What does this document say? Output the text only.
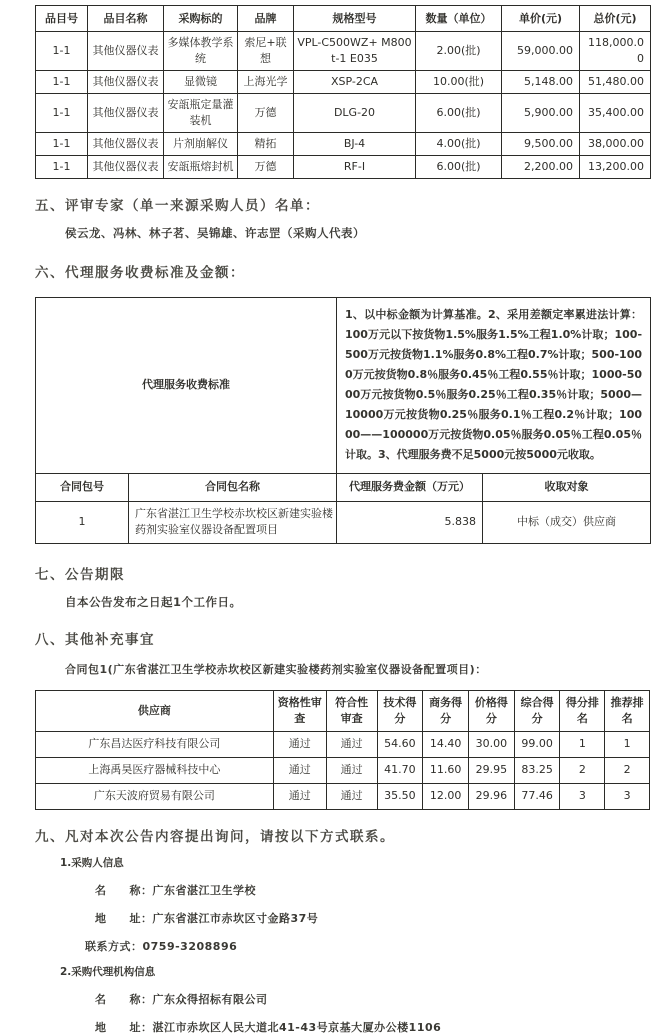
品目号	品目名称	采购标的	品牌	规格型号	数量（单位）	单价(元)	总价(元)
1-1	其他仪器仪表	多媒体教学系统	索尼+联想	VPL-C500WZ+ M800t-1 E035	2.00(批)	59,000.00	118,000.00
1-1	其他仪器仪表	显微镜	上海光学	XSP-2CA	10.00(批)	5,148.00	51,480.00
1-1	其他仪器仪表	安瓿瓶定量灌装机	万德	DLG-20	6.00(批)	5,900.00	35,400.00
1-1	其他仪器仪表	片剂崩解仪	精拓	BJ-4	4.00(批)	9,500.00	38,000.00
1-1	其他仪器仪表	安瓿瓶熔封机	万德	RF-I	6.00(批)	2,200.00	13,200.00

五、评审专家（单一来源采购人员）名单：

侯云龙、冯林、林子茗、吴锦雄、许志罡（采购人代表）

六、代理服务收费标准及金额：

代理服务收费标准		1、以中标金额为计算基准。2、采用差额定率累进法计算：100万元以下按货物1.5%服务1.5%工程1.0%计取；100-500万元按货物1.1%服务0.8%工程0.7%计取；500-1000万元按货物0.8％服务0.45％工程0.55％计取；1000-5000万元按货物0.5％服务0.25％工程0.35％计取；5000—10000万元按货物0.25％服务0.1％工程0.2％计取；10000——100000万元按货物0.05％服务0.05％工程0.05％计取。3、代理服务费不足5000元按5000元收取。	
合同包号	合同包名称	代理服务费金额（万元）	收取对象
1	广东省湛江卫生学校赤坎校区新建实验楼药剂实验室仪器设备配置项目	5.838	中标（成交）供应商

七、公告期限

自本公告发布之日起1个工作日。

八、其他补充事宜

合同包1(广东省湛江卫生学校赤坎校区新建实验楼药剂实验室仪器设备配置项目)：
供应商	资格性审查	符合性审查	技术得分	商务得分	价格得分	综合得分	得分排名	推荐排名
广东昌达医疗科技有限公司	通过	通过	54.60	14.40	30.00	99.00	1	1
上海禹昊医疗器械科技中心	通过	通过	41.70	11.60	29.95	83.25	2	2
广东天波府贸易有限公司	通过	通过	35.50	12.00	29.96	77.46	3	3

九、凡对本次公告内容提出询问，请按以下方式联系。

1.采购人信息
名　　称：广东省湛江卫生学校
地　　址：广东省湛江市赤坎区寸金路37号
联系方式：0759-3208896
2.采购代理机构信息
名　　称：广东众得招标有限公司
地　　址：湛江市赤坎区人民大道北41-43号京基大厦办公楼1106
